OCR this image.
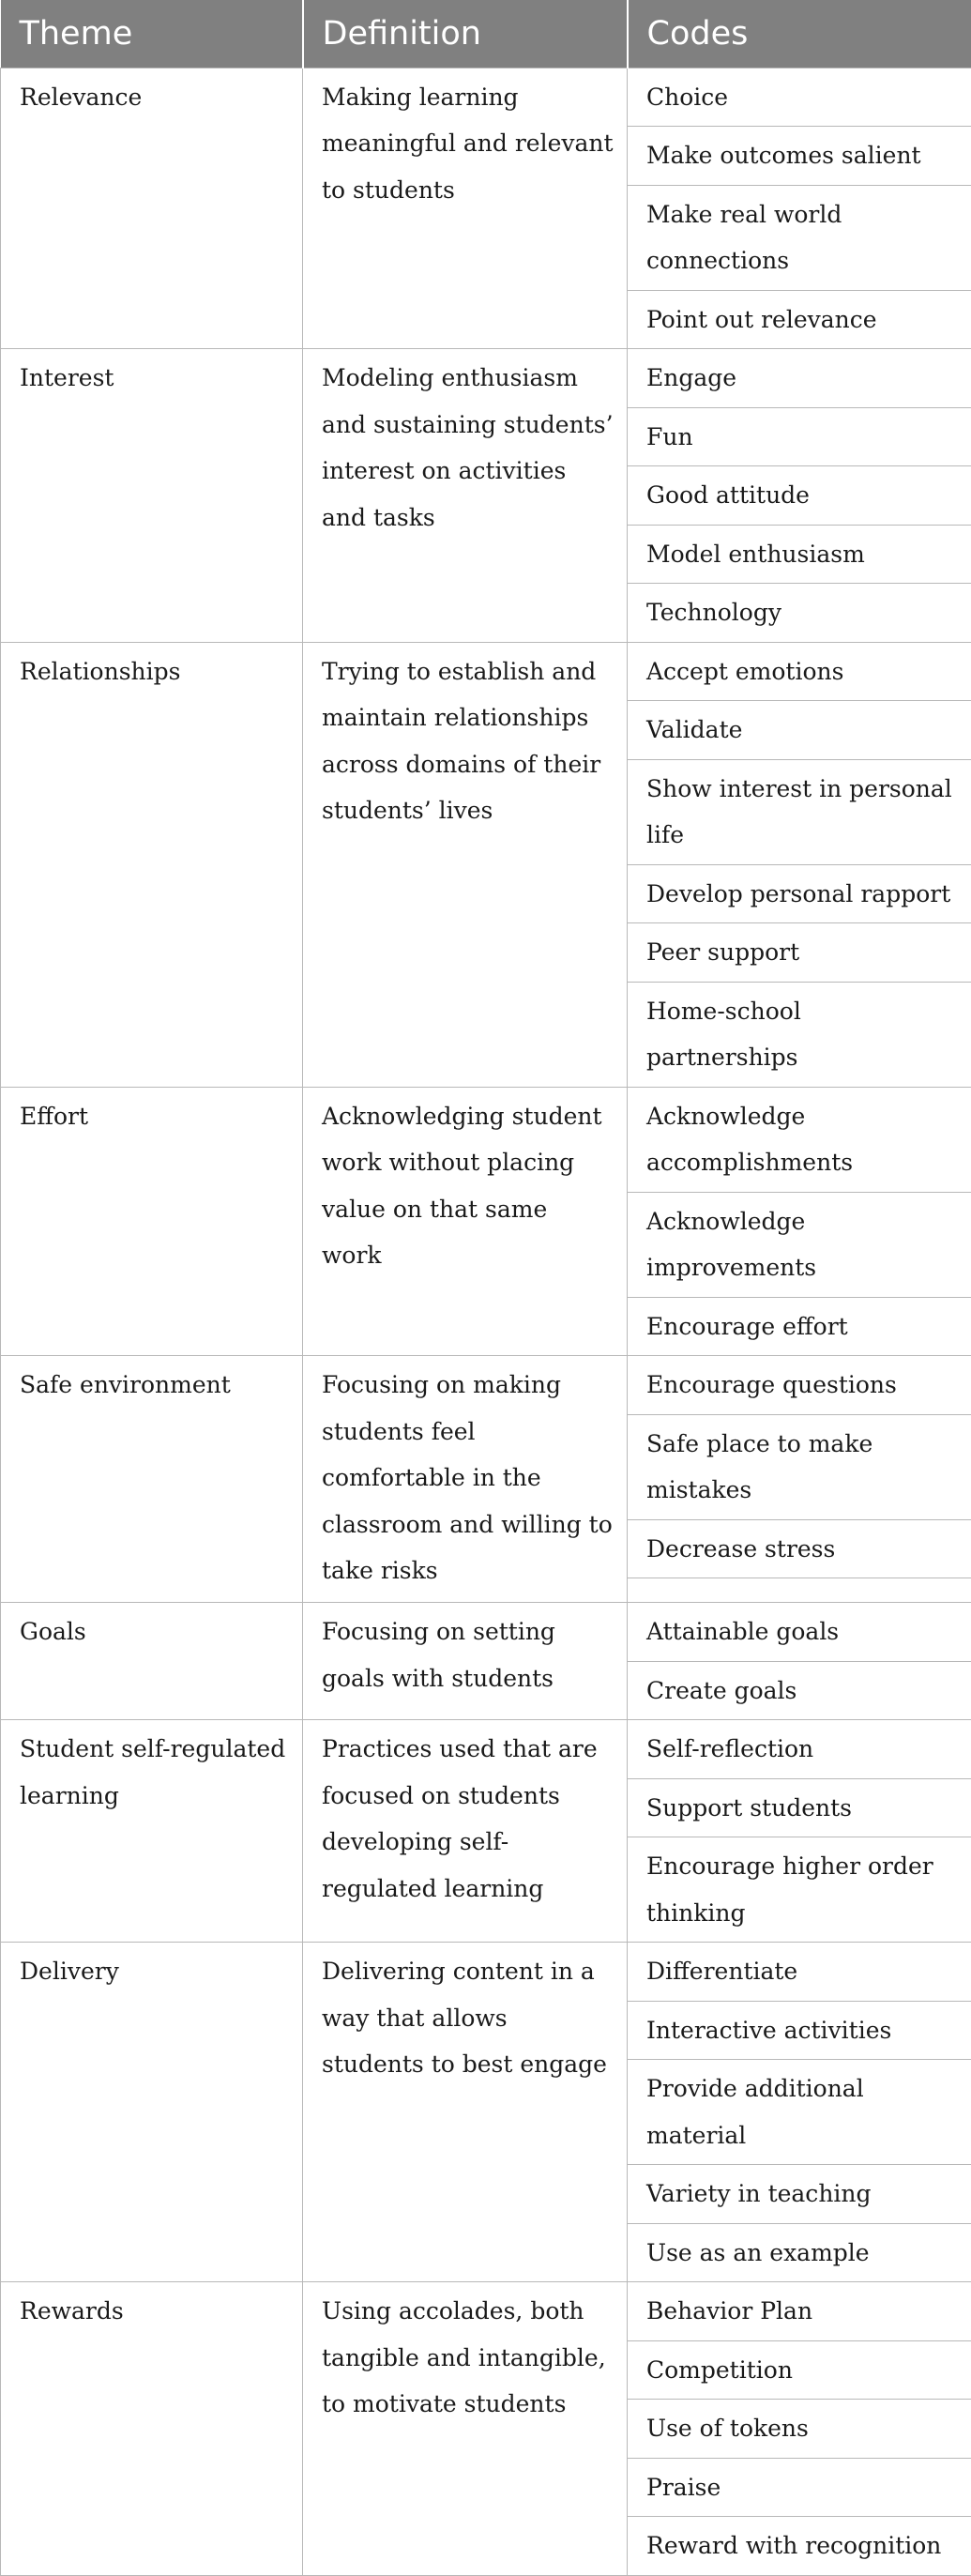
Theme	Definition	Codes
Relevance	Making learning meaningful and relevant to students	Choice
		Make outcomes salient
		Make real world connections
		Point out relevance
Interest	Modeling enthusiasm and sustaining students’ interest on activities and tasks	Engage
		Fun
		Good attitude
		Model enthusiasm
		Technology
Relationships	Trying to establish and maintain relationships across domains of their students’ lives	Accept emotions
		Validate
		Show interest in personal life
		Develop personal rapport
		Peer support
		Home-school partnerships
Effort	Acknowledging student work without placing value on that same work	Acknowledge accomplishments
		Acknowledge improvements
		Encourage effort
Safe environment	Focusing on making students feel comfortable in the classroom and willing to take risks	Encourage questions
		Safe place to make mistakes
		Decrease stress

Goals	Focusing on setting goals with students	Attainable goals
		Create goals
Student self-regulated learning	Practices used that are focused on students developing self-regulated learning	Self-reflection
		Support students
		Encourage higher order thinking
Delivery	Delivering content in a way that allows students to best engage	Differentiate
		Interactive activities
		Provide additional material
		Variety in teaching
		Use as an example
Rewards	Using accolades, both tangible and intangible, to motivate students	Behavior Plan
		Competition
		Use of tokens
		Praise
		Reward with recognition
